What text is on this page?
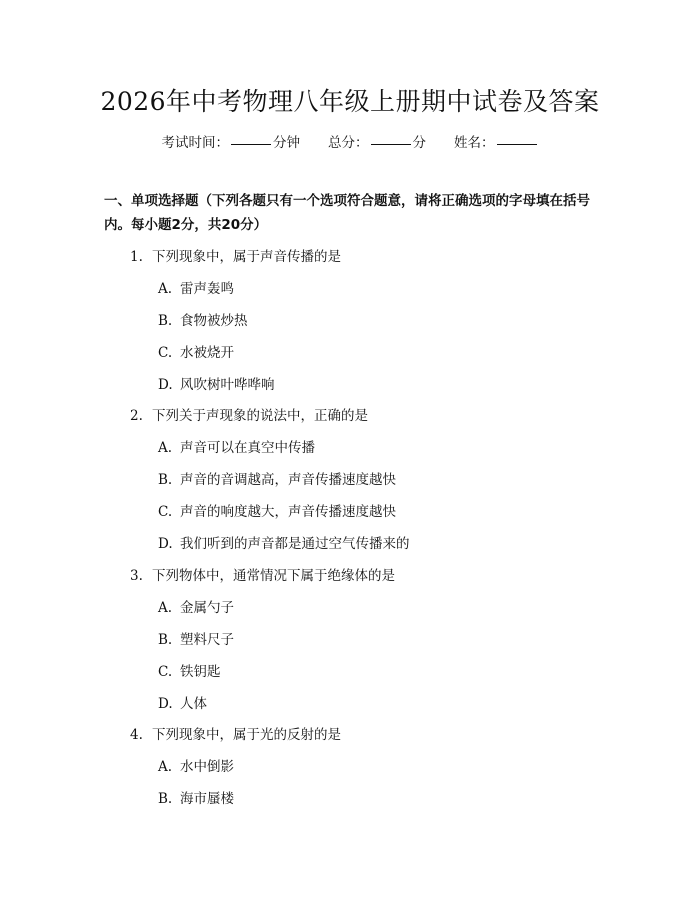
2026年中考物理八年级上册期中试卷及答案
考试时间：	分钟 总分：	分 姓名：
一、单项选择题（下列各题只有一个选项符合题意，请将正确选项的字母填在括号内。每小题2分，共20分）
1. 下列现象中，属于声音传播的是
A. 雷声轰鸣
B. 食物被炒热
C. 水被烧开
D. 风吹树叶哗哗响
2. 下列关于声现象的说法中，正确的是
A. 声音可以在真空中传播
B. 声音的音调越高，声音传播速度越快
C. 声音的响度越大，声音传播速度越快
D. 我们听到的声音都是通过空气传播来的
3. 下列物体中，通常情况下属于绝缘体的是
A. 金属勺子
B. 塑料尺子
C. 铁钥匙
D. 人体
4. 下列现象中，属于光的反射的是
A. 水中倒影
B. 海市蜃楼
